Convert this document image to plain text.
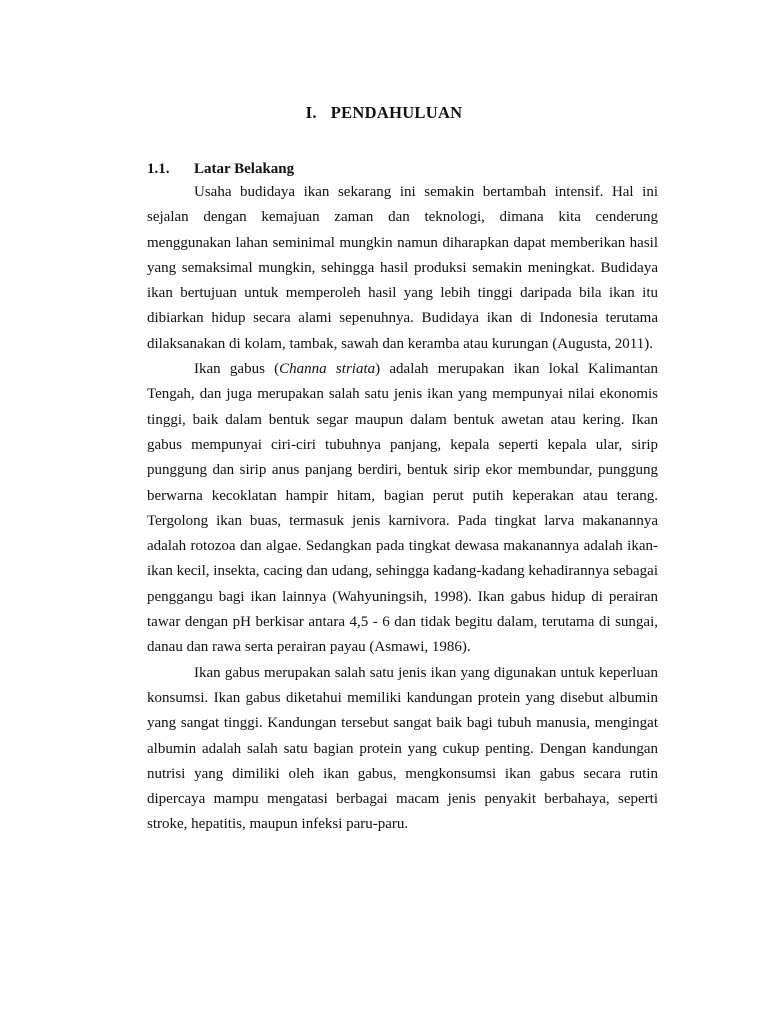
I. PENDAHULUAN
1.1. Latar Belakang

Usaha budidaya ikan sekarang ini semakin bertambah intensif. Hal ini sejalan dengan kemajuan zaman dan teknologi, dimana kita cenderung menggunakan lahan seminimal mungkin namun diharapkan dapat memberikan hasil yang semaksimal mungkin, sehingga hasil produksi semakin meningkat. Budidaya ikan bertujuan untuk memperoleh hasil yang lebih tinggi daripada bila ikan itu dibiarkan hidup secara alami sepenuhnya. Budidaya ikan di Indonesia terutama dilaksanakan di kolam, tambak, sawah dan keramba atau kurungan (Augusta, 2011).

Ikan gabus (Channa striata) adalah merupakan ikan lokal Kalimantan Tengah, dan juga merupakan salah satu jenis ikan yang mempunyai nilai ekonomis tinggi, baik dalam bentuk segar maupun dalam bentuk awetan atau kering. Ikan gabus mempunyai ciri-ciri tubuhnya panjang, kepala seperti kepala ular, sirip punggung dan sirip anus panjang berdiri, bentuk sirip ekor membundar, punggung berwarna kecoklatan hampir hitam, bagian perut putih keperakan atau terang. Tergolong ikan buas, termasuk jenis karnivora. Pada tingkat larva makanannya adalah rotozoa dan algae. Sedangkan pada tingkat dewasa makanannya adalah ikan-ikan kecil, insekta, cacing dan udang, sehingga kadang-kadang kehadirannya sebagai penggangu bagi ikan lainnya (Wahyuningsih, 1998). Ikan gabus hidup di perairan tawar dengan pH berkisar antara 4,5 - 6 dan tidak begitu dalam, terutama di sungai, danau dan rawa serta perairan payau (Asmawi, 1986).

Ikan gabus merupakan salah satu jenis ikan yang digunakan untuk keperluan konsumsi. Ikan gabus diketahui memiliki kandungan protein yang disebut albumin yang sangat tinggi. Kandungan tersebut sangat baik bagi tubuh manusia, mengingat albumin adalah salah satu bagian protein yang cukup penting. Dengan kandungan nutrisi yang dimiliki oleh ikan gabus, mengkonsumsi ikan gabus secara rutin dipercaya mampu mengatasi berbagai macam jenis penyakit berbahaya, seperti stroke, hepatitis, maupun infeksi paru-paru.
